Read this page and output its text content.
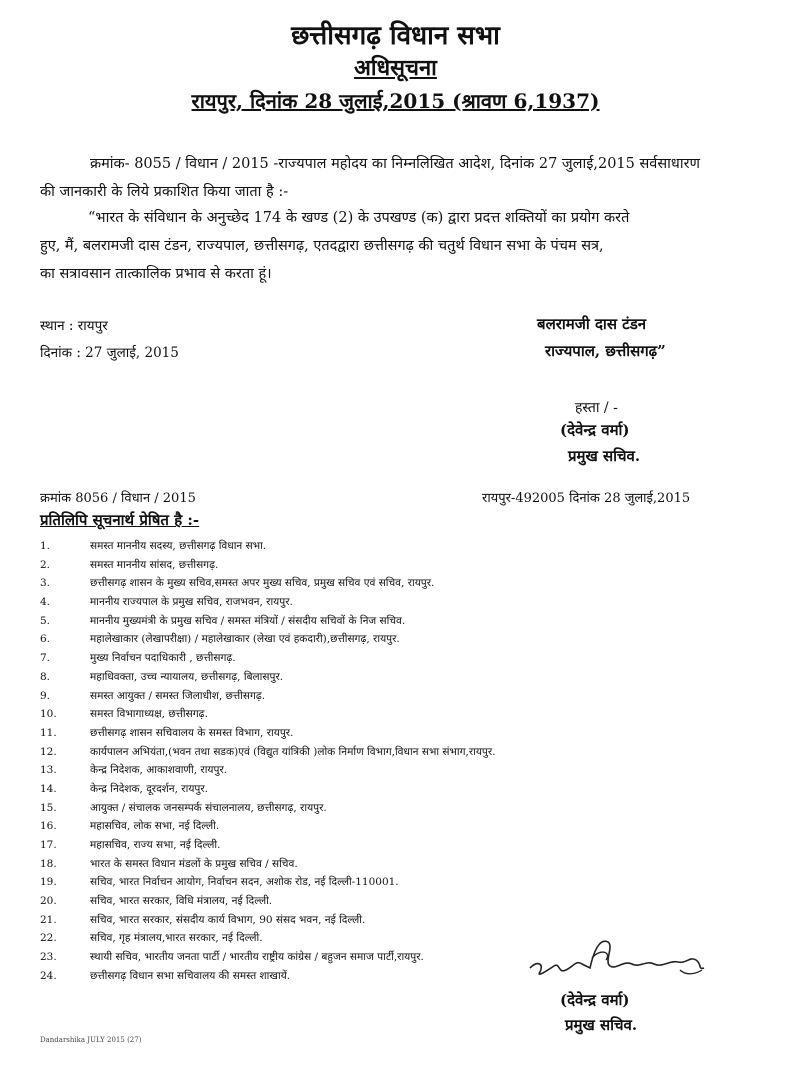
छत्तीसगढ़ विधान सभा
अधिसूचना
रायपुर, दिनांक 28 जुलाई,2015 (श्रावण 6,1937)
क्रमांक- 8055 / विधान / 2015 -राज्यपाल महोदय का निम्नलिखित आदेश, दिनांक 27 जुलाई,2015 सर्वसाधारण
की जानकारी के लिये प्रकाशित किया जाता है :-
“भारत के संविधान के अनुच्छेद 174 के खण्ड (2) के उपखण्ड (क) द्वारा प्रदत्त शक्तियों का प्रयोग करते
हुए, मैं, बलरामजी दास टंडन, राज्यपाल, छत्तीसगढ़, एतदद्वारा छत्तीसगढ़ की चतुर्थ विधान सभा के पंचम सत्र,
का सत्रावसान तात्कालिक प्रभाव से करता हूं।
स्थान : रायपुर
दिनांक : 27 जुलाई, 2015
बलरामजी दास टंडन
राज्यपाल, छत्तीसगढ़”
हस्ता / -
(देवेन्द्र वर्मा)
प्रमुख सचिव.
क्रमांक 8056 / विधान / 2015	रायपुर-492005 दिनांक 28 जुलाई,2015
प्रतिलिपि सूचनार्थ प्रेषित है :-
1.	समस्त माननीय सदस्य, छत्तीसगढ़ विधान सभा.
2.	समस्त माननीय सांसद, छत्तीसगढ़.
3.	छत्तीसगढ़ शासन के मुख्य सचिव,समस्त अपर मुख्य सचिव, प्रमुख सचिव एवं सचिव, रायपुर.
4.	माननीय राज्यपाल के प्रमुख सचिव, राजभवन, रायपुर.
5.	माननीय मुख्यमंत्री के प्रमुख सचिव / समस्त मंत्रियों / संसदीय सचिवों के निज सचिव.
6.	महालेखाकार (लेखापरीक्षा) / महालेखाकार (लेखा एवं हकदारी),छत्तीसगढ़, रायपुर.
7.	मुख्य निर्वाचन पदाधिकारी , छत्तीसगढ़.
8.	महाधिवक्ता, उच्च न्यायालय, छत्तीसगढ़, बिलासपुर.
9.	समस्त आयुक्त / समस्त जिलाधीश, छत्तीसगढ़.
10.	समस्त विभागाध्यक्ष, छत्तीसगढ़.
11.	छत्तीसगढ़ शासन सचिवालय के समस्त विभाग, रायपुर.
12.	कार्यपालन अभियंता,(भवन तथा सडक)एवं (विद्युत यांत्रिकी )लोक निर्माण विभाग,विधान सभा संभाग,रायपुर.
13.	केन्द्र निदेशक, आकाशवाणी, रायपुर.
14.	केन्द्र निदेशक, दूरदर्शन, रायपुर.
15.	आयुक्त / संचालक जनसम्पर्क संचालनालय, छत्तीसगढ़, रायपुर.
16.	महासचिव, लोक सभा, नई दिल्ली.
17.	महासचिव, राज्य सभा, नई दिल्ली.
18.	भारत के समस्त विधान मंडलों के प्रमुख सचिव / सचिव.
19.	सचिव, भारत निर्वाचन आयोग, निर्वाचन सदन, अशोक रोड, नई दिल्ली-110001.
20.	सचिव, भारत सरकार, विधि मंत्रालय, नई दिल्ली.
21.	सचिव, भारत सरकार, संसदीय कार्य विभाग, 90 संसद भवन, नई दिल्ली.
22.	सचिव, गृह मंत्रालय,भारत सरकार, नई दिल्ली.
23.	स्थायी सचिव, भारतीय जनता पार्टी / भारतीय राष्ट्रीय कांग्रेस / बहुजन समाज पार्टी,रायपुर.
24.	छत्तीसगढ़ विधान सभा सचिवालय की समस्त शाखायें.
(देवेन्द्र वर्मा)
प्रमुख सचिव.
Dandarshika JULY 2015 (27)
